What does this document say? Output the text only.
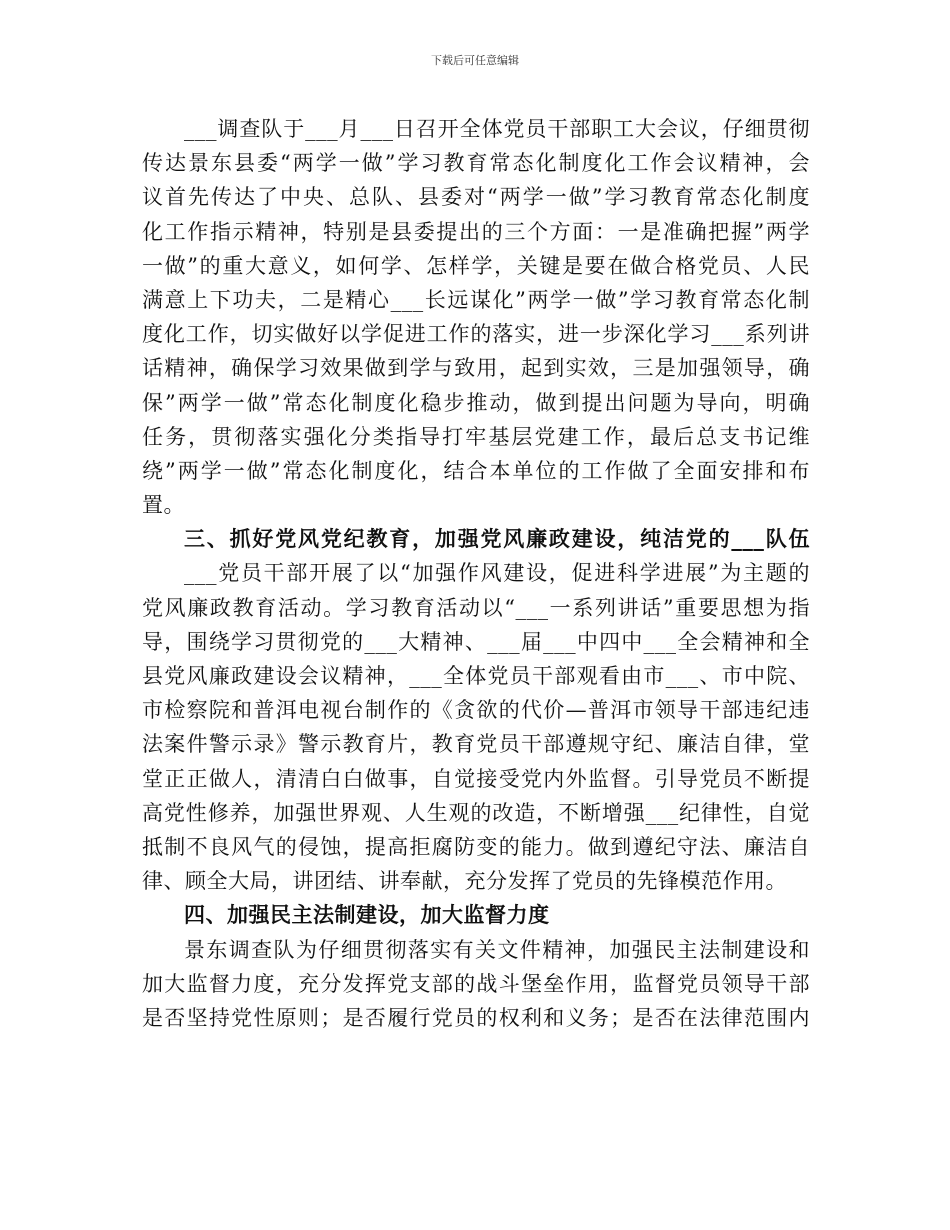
下载后可任意编辑
___调查队于___月___日召开全体党员干部职工大会议，仔细贯彻
传达景东县委“两学一做”学习教育常态化制度化工作会议精神，会
议首先传达了中央、总队、县委对“两学一做”学习教育常态化制度
化工作指示精神，特别是县委提出的三个方面：一是准确把握”两学
一做”的重大意义，如何学、怎样学，关键是要在做合格党员、人民
满意上下功夫，二是精心___长远谋化”两学一做”学习教育常态化制
度化工作，切实做好以学促进工作的落实，进一步深化学习___系列讲
话精神，确保学习效果做到学与致用，起到实效，三是加强领导，确
保”两学一做”常态化制度化稳步推动，做到提出问题为导向，明确
任务，贯彻落实强化分类指导打牢基层党建工作，最后总支书记维
绕”两学一做”常态化制度化，结合本单位的工作做了全面安排和布
置。
三、抓好党风党纪教育，加强党风廉政建设，纯洁党的___队伍
___党员干部开展了以“加强作风建设，促进科学进展”为主题的
党风廉政教育活动。学习教育活动以“___一系列讲话”重要思想为指
导，围绕学习贯彻党的___大精神、___届___中四中___全会精神和全
县党风廉政建设会议精神，___全体党员干部观看由市___、市中院、
市检察院和普洱电视台制作的《贪欲的代价—普洱市领导干部违纪违
法案件警示录》警示教育片，教育党员干部遵规守纪、廉洁自律，堂
堂正正做人，清清白白做事，自觉接受党内外监督。引导党员不断提
高党性修养，加强世界观、人生观的改造，不断增强___纪律性，自觉
抵制不良风气的侵蚀，提高拒腐防变的能力。做到遵纪守法、廉洁自
律、顾全大局，讲团结、讲奉献，充分发挥了党员的先锋模范作用。
四、加强民主法制建设，加大监督力度
景东调查队为仔细贯彻落实有关文件精神，加强民主法制建设和
加大监督力度，充分发挥党支部的战斗堡垒作用，监督党员领导干部
是否坚持党性原则；是否履行党员的权利和义务；是否在法律范围内
